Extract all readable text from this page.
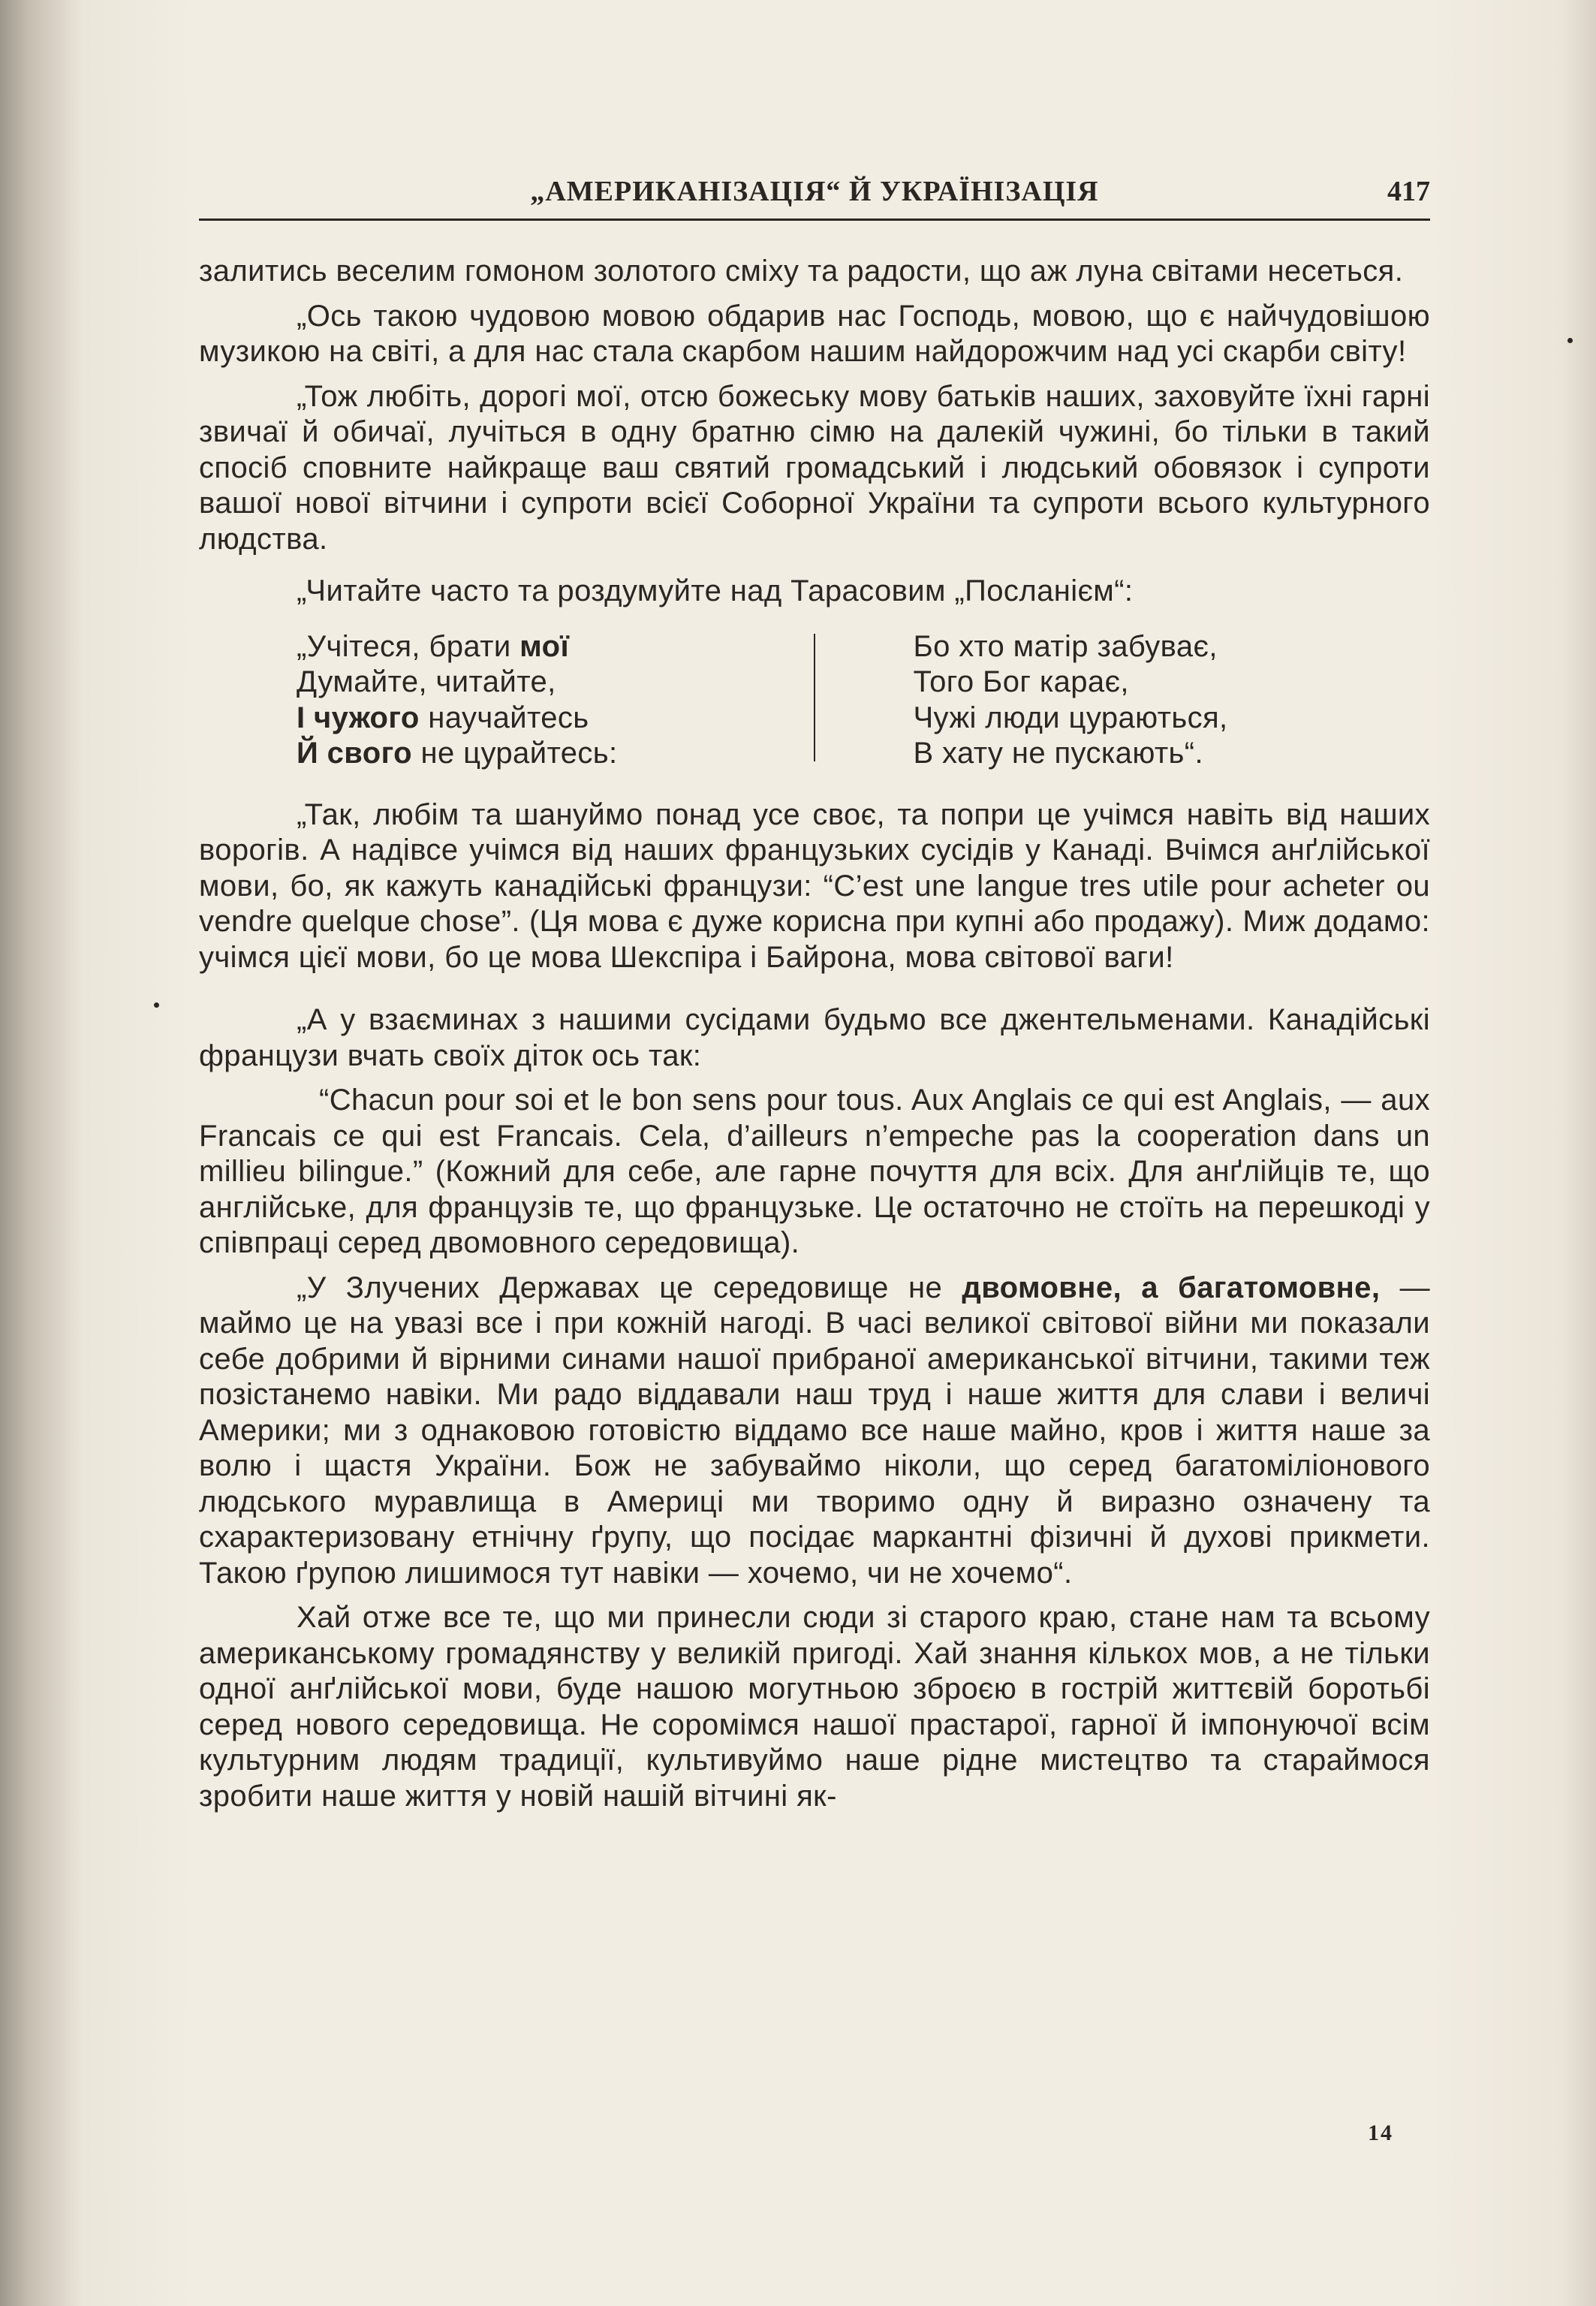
„АМЕРИКАНІЗАЦІЯ“ Й УКРАЇНІЗАЦІЯ	417

залитись веселим гомоном золотого сміху та радости, що аж луна світами несеться.

„Ось такою чудовою мовою обдарив нас Господь, мовою, що є найчудовішою музикою на світі, а для нас стала скарбом нашим найдорожчим над усі скарби світу!

„Тож любіть, дорогі мої, отсю божеську мову батьків наших, заховуйте їхні гарні звичаї й обичаї, лучіться в одну братню сімю на далекій чужині, бо тільки в такий спосіб сповните найкраще ваш святий громадський і людський обовязок і супроти вашої нової вітчини і супроти всієї Соборної України та супроти всього культурного людства.

„Читайте часто та роздумуйте над Тарасовим „Посланієм“:

„Учітеся, брати мої
Думайте, читайте,
І чужого научайтесь
Й свого не цурайтесь:
Бо хто матір забуває,
Того Бог карає,
Чужі люди цураються,
В хату не пускають“.

„Так, любім та шануймо понад усе своє, та попри це учімся навіть від наших ворогів. А надівсе учімся від наших французьких сусідів у Канаді. Вчімся анґлійської мови, бо, як кажуть канадійські французи: “C’est une langue tres utile pour acheter ou vendre quelque chose”. (Ця мова є дуже корисна при купні або продажу). Миж додамо: учімся цієї мови, бо це мова Шекспіра і Байрона, мова світової ваги!

„А у взаєминах з нашими сусідами будьмо все джентельменами. Канадійські французи вчать своїх діток ось так:

“Chacun pour soi et le bon sens pour tous. Aux Anglais ce qui est Anglais, — aux Francais ce qui est Francais. Cela, d’ailleurs n’empeche pas la cooperation dans un millieu bilingue.” (Кожний для себе, але гарне почуття для всіх. Для анґлійців те, що англійське, для французів те, що французьке. Це остаточно не стоїть на перешкоді у співпраці серед двомовного середовища).

„У Злучених Державах це середовище не двомовне, а багатомовне, — маймо це на увазі все і при кожній нагоді. В часі великої світової війни ми показали себе добрими й вірними синами нашої прибраної американської вітчини, такими теж позістанемо навіки. Ми радо віддавали наш труд і наше життя для слави і величі Америки; ми з однаковою готовістю віддамо все наше майно, кров і життя наше за волю і щастя України. Бож не забуваймо ніколи, що серед багатоміліонового людського муравлища в Америці ми творимо одну й виразно означену та схарактеризовану етнічну ґрупу, що посідає маркантні фізичні й духові прикмети. Такою ґрупою лишимося тут навіки — хочемо, чи не хочемо“.

Хай отже все те, що ми принесли сюди зі старого краю, стане нам та всьому американському громадянству у великій пригоді. Хай знання кількох мов, а не тільки одної анґлійської мови, буде нашою могутньою зброєю в гострій життєвій боротьбі серед нового середовища. Не соромімся нашої прастарої, гарної й імпонуючої всім культурним людям традиції, культивуймо наше рідне мистецтво та стараймося зробити наше життя у новій нашій вітчині як-

14
